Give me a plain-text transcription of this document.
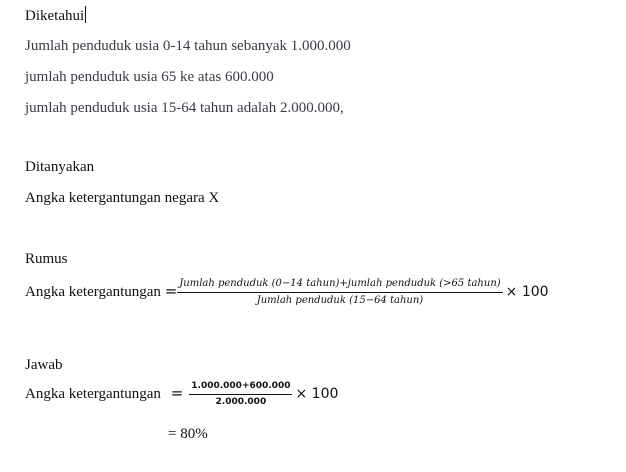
Diketahui
Jumlah penduduk usia 0-14 tahun sebanyak 1.000.000
jumlah penduduk usia 65 ke atas 600.000
jumlah penduduk usia 15-64 tahun adalah 2.000.000,
Ditanyakan
Angka ketergantungan negara X
Rumus
Angka ketergantungan = $\frac{\text{Jumlah penduduk (0−14 tahun)+jumlah penduduk (>65 tahun)}}{\text{Jumlah penduduk (15−64 tahun)}} \times 100$
Jawab
Angka ketergantungan = $\frac{1.000.000+600.000}{2.000.000} \times 100$
= 80%
